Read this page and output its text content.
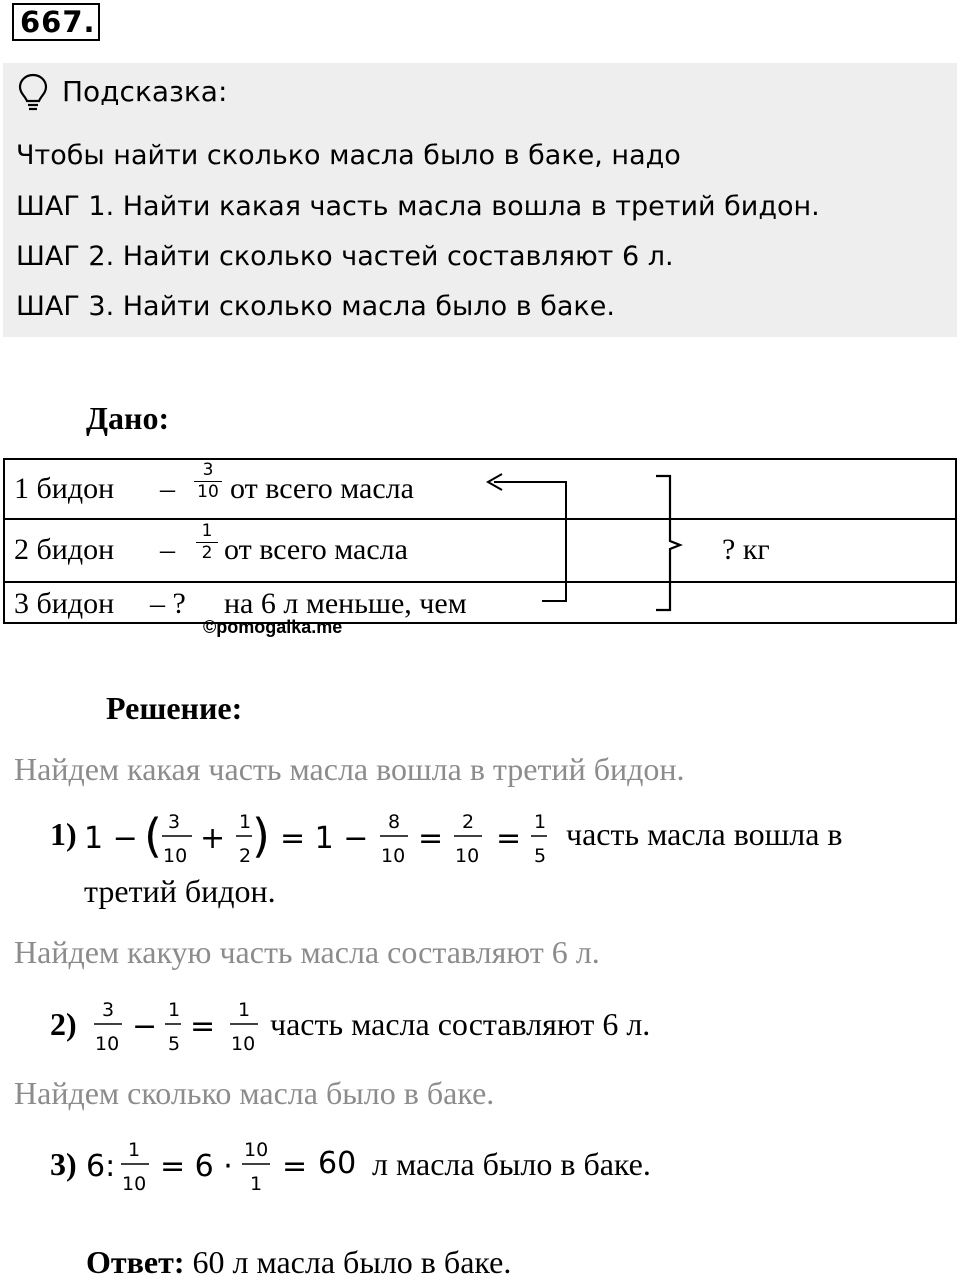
667.
Подсказка:
Чтобы найти сколько масла было в баке, надо
ШАГ 1. Найти какая часть масла вошла в третий бидон.
ШАГ 2. Найти сколько частей составляют 6 л.
ШАГ 3. Найти сколько масла было в баке.
Дано:
1 бидон –
3
10 от всего масла
2 бидон –
1
2 от всего масла
3 бидон – ? на 6 л меньше, чем
? кг
©pomogalka.me
Решение:
Найдем какая часть масла вошла в третий бидон.
1) 1 − ( 3
10 + 1
2 ) = 1 − 8
10 = 2
10 = 1
5
часть масла вошла в
третий бидон.
Найдем какую часть масла составляют 6 л.
2) 3
10 − 1
5 = 1
10
часть масла составляют 6 л.
Найдем сколько масла было в баке.
3) 6: 1
10 = 6 · 10
1 = 60 л масла было в баке.
Ответ: 60 л масла было в баке.
